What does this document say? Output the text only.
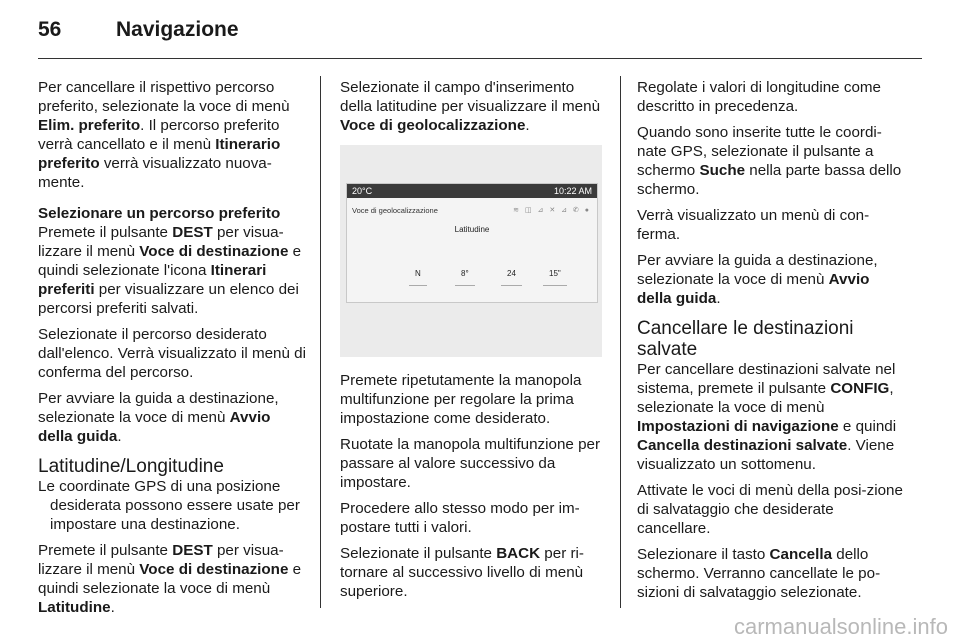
56	Navigazione

Per cancellare il rispettivo percorso preferito, selezionate la voce di menù Elim. preferito. Il percorso preferito verrà cancellato e il menù Itinerario preferito verrà visualizzato nuova-mente.

Selezionare un percorso preferito

Premete il pulsante DEST per visua-lizzare il menù Voce di destinazione e quindi selezionate l'icona Itinerari preferiti per visualizzare un elenco dei percorsi preferiti salvati.

Selezionate il percorso desiderato dall'elenco. Verrà visualizzato il menù di conferma del percorso.

Per avviare la guida a destinazione, selezionate la voce di menù Avvio della guida.

Latitudine/Longitudine

Le coordinate GPS di una posizione desiderata possono essere usate per impostare una destinazione.

Premete il pulsante DEST per visua-lizzare il menù Voce di destinazione e quindi selezionate la voce di menù Latitudine.

Selezionate il campo d'inserimento della latitudine per visualizzare il menù Voce di geolocalizzazione.

20°C	10:22 AM
Voce di geolocalizzazione	≋ ◫ ⊿ ✕ ⊿ ✆ ●
Latitudine
N	8°	24	15"

Premete ripetutamente la manopola multifunzione per regolare la prima impostazione come desiderato.

Ruotate la manopola multifunzione per passare al valore successivo da impostare.

Procedere allo stesso modo per im-postare tutti i valori.

Selezionate il pulsante BACK per ri-tornare al successivo livello di menù superiore.

Regolate i valori di longitudine come descritto in precedenza.

Quando sono inserite tutte le coordi-nate GPS, selezionate il pulsante a schermo Suche nella parte bassa dello schermo.

Verrà visualizzato un menù di con-ferma.

Per avviare la guida a destinazione, selezionate la voce di menù Avvio della guida.

Cancellare le destinazioni salvate

Per cancellare destinazioni salvate nel sistema, premete il pulsante CONFIG, selezionate la voce di menù Impostazioni di navigazione e quindi Cancella destinazioni salvate. Viene visualizzato un sottomenu.

Attivate le voci di menù della posi-zione di salvataggio che desiderate cancellare.

Selezionare il tasto Cancella dello schermo. Verranno cancellate le po-sizioni di salvataggio selezionate.

carmanualsonline.info
